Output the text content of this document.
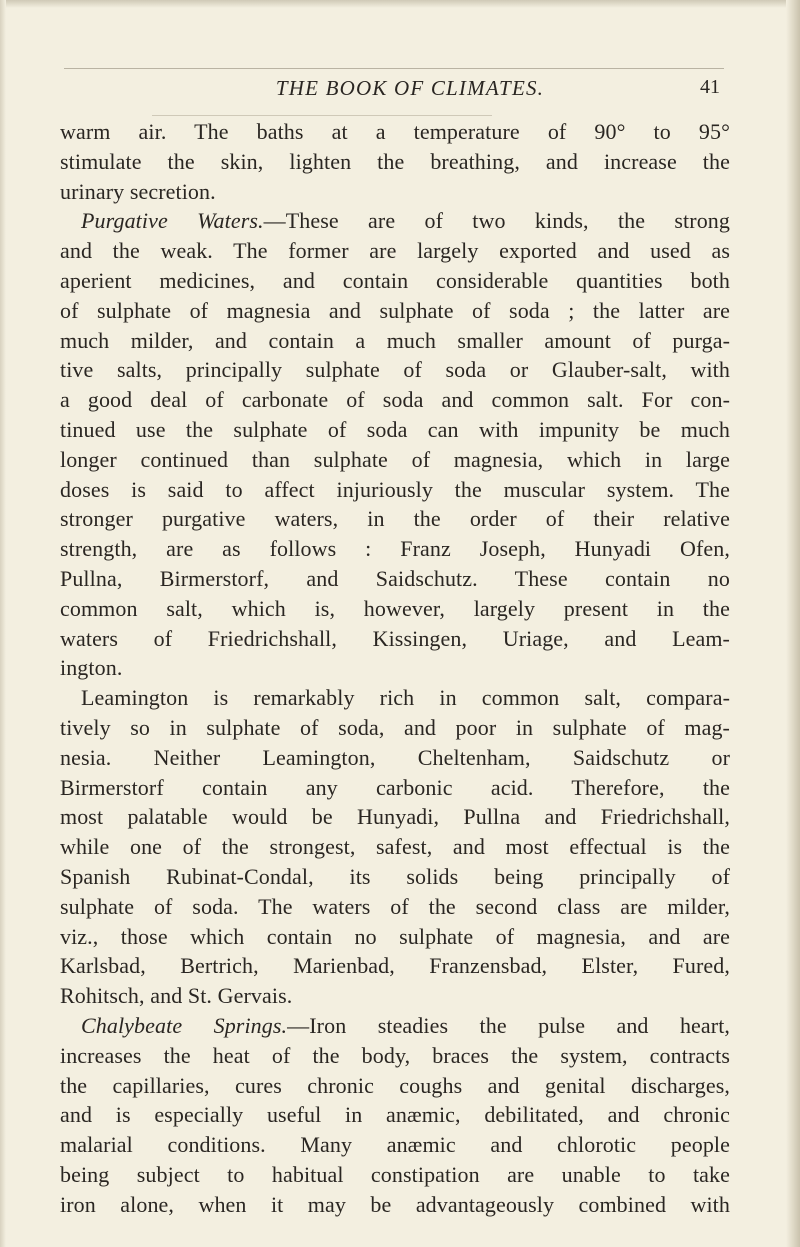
THE BOOK OF CLIMATES.	41
warm air. The baths at a temperature of 90° to 95°
stimulate the skin, lighten the breathing, and increase the
urinary secretion.
Purgative Waters.—These are of two kinds, the strong
and the weak. The former are largely exported and used as
aperient medicines, and contain considerable quantities both
of sulphate of magnesia and sulphate of soda ; the latter are
much milder, and contain a much smaller amount of purga-
tive salts, principally sulphate of soda or Glauber-salt, with
a good deal of carbonate of soda and common salt. For con-
tinued use the sulphate of soda can with impunity be much
longer continued than sulphate of magnesia, which in large
doses is said to affect injuriously the muscular system. The
stronger purgative waters, in the order of their relative
strength, are as follows : Franz Joseph, Hunyadi Ofen,
Pullna, Birmerstorf, and Saidschutz. These contain no
common salt, which is, however, largely present in the
waters of Friedrichshall, Kissingen, Uriage, and Leam-
ington.
Leamington is remarkably rich in common salt, compara-
tively so in sulphate of soda, and poor in sulphate of mag-
nesia. Neither Leamington, Cheltenham, Saidschutz or
Birmerstorf contain any carbonic acid. Therefore, the
most palatable would be Hunyadi, Pullna and Friedrichshall,
while one of the strongest, safest, and most effectual is the
Spanish Rubinat-Condal, its solids being principally of
sulphate of soda. The waters of the second class are milder,
viz., those which contain no sulphate of magnesia, and are
Karlsbad, Bertrich, Marienbad, Franzensbad, Elster, Fured,
Rohitsch, and St. Gervais.
Chalybeate Springs.—Iron steadies the pulse and heart,
increases the heat of the body, braces the system, contracts
the capillaries, cures chronic coughs and genital discharges,
and is especially useful in anæmic, debilitated, and chronic
malarial conditions. Many anæmic and chlorotic people
being subject to habitual constipation are unable to take
iron alone, when it may be advantageously combined with
